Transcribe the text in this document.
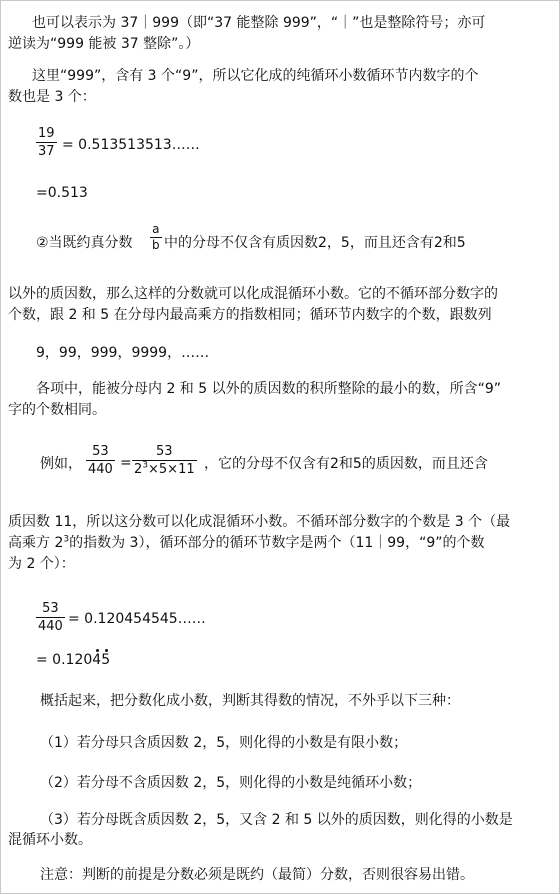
也可以表示为 37｜999（即“37 能整除 999”，“｜”也是整除符号；亦可
逆读为“999 能被 37 整除”。）
这里“999”，含有 3 个“9”，所以它化成的纯循环小数循环节内数字的个
数也是 3 个：
$\frac{19}{37}$ = 0.513513513……
=0.513
②当既约真分数 $\frac{a}{b}$ 中的分母不仅含有质因数2，5，而且还含有2和5
以外的质因数，那么这样的分数就可以化成混循环小数。它的不循环部分数字的
个数，跟 2 和 5 在分母内最高乘方的指数相同；循环节内数字的个数，跟数列
9，99，999，9999，……
各项中，能被分母内 2 和 5 以外的质因数的积所整除的最小的数，所含“9”
字的个数相同。
例如， $\frac{53}{440} = \frac{53}{2^3\times 5\times 11}$ ，它的分母不仅含有2和5的质因数，而且还含
质因数 11，所以这分数可以化成混循环小数。不循环部分数字的个数是 3 个（最
高乘方 $2^3$的指数为 3），循环部分的循环节数字是两个（11｜99，“9”的个数
为 2 个）：
$\frac{53}{440}$ = 0.120454545……
= 0.12045
概括起来，把分数化成小数，判断其得数的情况，不外乎以下三种：
（1）若分母只含质因数 2，5，则化得的小数是有限小数；
（2）若分母不含质因数 2，5，则化得的小数是纯循环小数；
（3）若分母既含质因数 2，5，又含 2 和 5 以外的质因数，则化得的小数是
混循环小数。
注意：判断的前提是分数必须是既约（最简）分数，否则很容易出错。
